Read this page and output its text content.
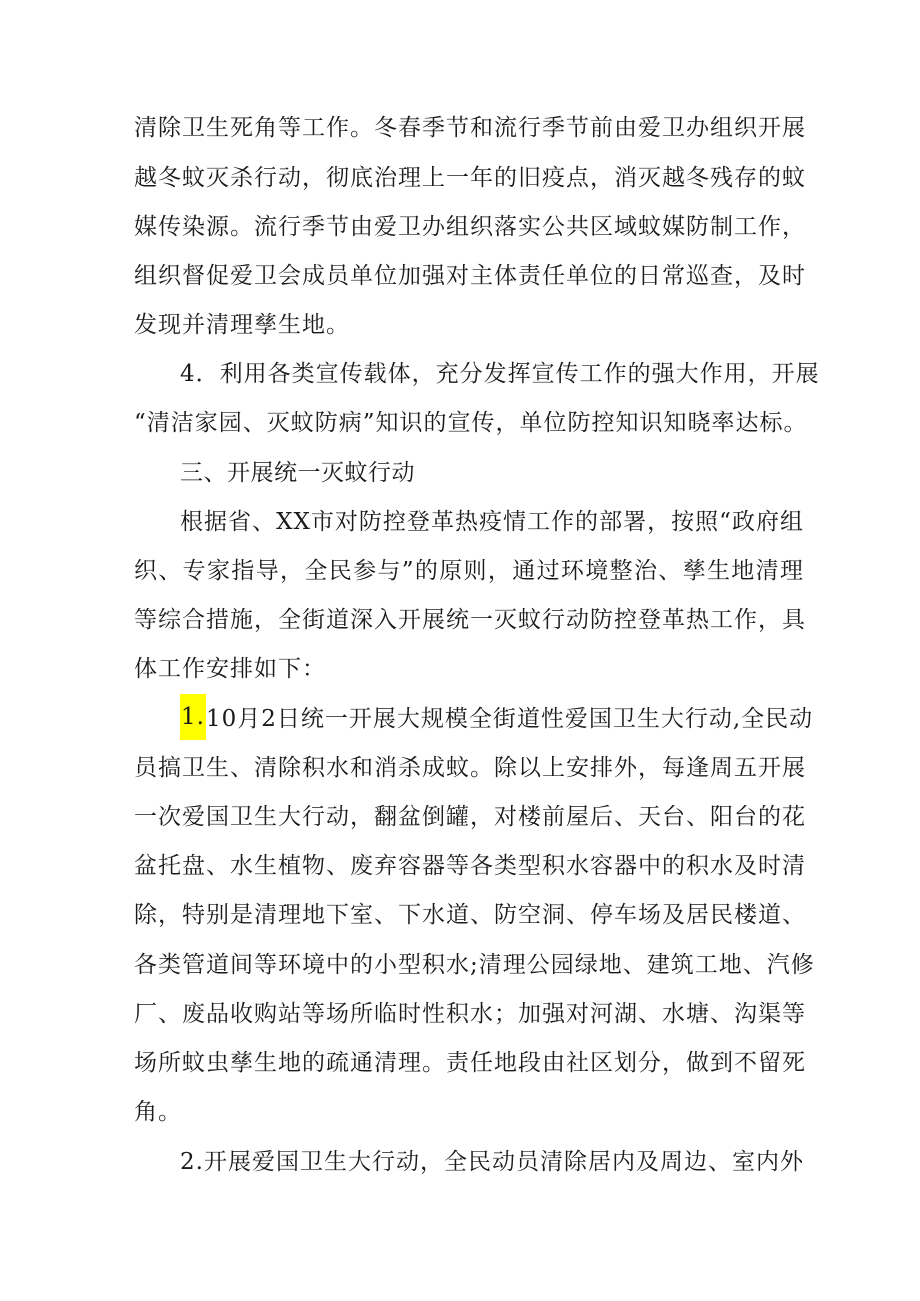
清除卫生死角等工作。冬春季节和流行季节前由爱卫办组织开展
越冬蚊灭杀行动，彻底治理上一年的旧疫点，消灭越冬残存的蚊
媒传染源。流行季节由爱卫办组织落实公共区域蚊媒防制工作，
组织督促爱卫会成员单位加强对主体责任单位的日常巡查，及时
发现并清理孳生地。
4．利用各类宣传载体，充分发挥宣传工作的强大作用，开展
“清洁家园、灭蚊防病”知识的宣传，单位防控知识知晓率达标。
三、开展统一灭蚊行动
根据省、XX市对防控登革热疫情工作的部署，按照“政府组
织、专家指导，全民参与”的原则，通过环境整治、孳生地清理
等综合措施，全街道深入开展统一灭蚊行动防控登革热工作，具
体工作安排如下：
1.10月2日统一开展大规模全街道性爱国卫生大行动,全民动
员搞卫生、清除积水和消杀成蚊。除以上安排外，每逢周五开展
一次爱国卫生大行动，翻盆倒罐，对楼前屋后、天台、阳台的花
盆托盘、水生植物、废弃容器等各类型积水容器中的积水及时清
除，特别是清理地下室、下水道、防空洞、停车场及居民楼道、
各类管道间等环境中的小型积水;清理公园绿地、建筑工地、汽修
厂、废品收购站等场所临时性积水；加强对河湖、水塘、沟渠等
场所蚊虫孳生地的疏通清理。责任地段由社区划分，做到不留死
角。
2.开展爱国卫生大行动，全民动员清除居内及周边、室内外
